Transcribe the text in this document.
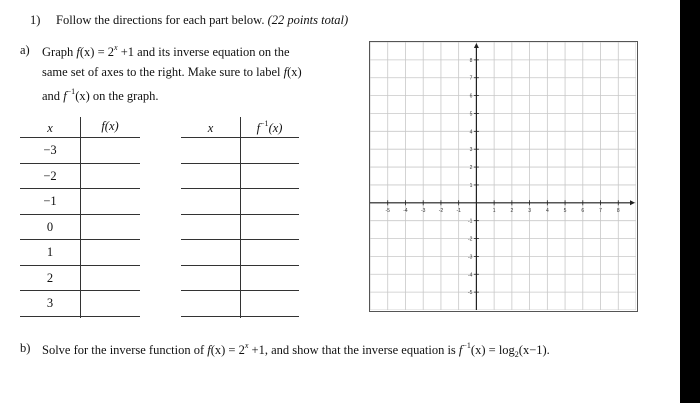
1) Follow the directions for each part below. (22 points total)
a) Graph $f(x) = 2^x +1$ and its inverse equation on the
same set of axes to the right. Make sure to label f(x)
and $f^{-1}(x)$ on the graph.
x	f(x)
−3
−2
−1
0
1
2
3
x	$f^{-1}(x)$
-5	-4	-3	-2	-1	1	2	3	4	5	6	7	8
8
7
6
5
4
3
2
1
-1
-2
-3
-4
-5
b) Solve for the inverse function of $f(x) = 2^x +1$, and show that the inverse equation is $f^{-1}(x) = \log_2(x-1)$.
